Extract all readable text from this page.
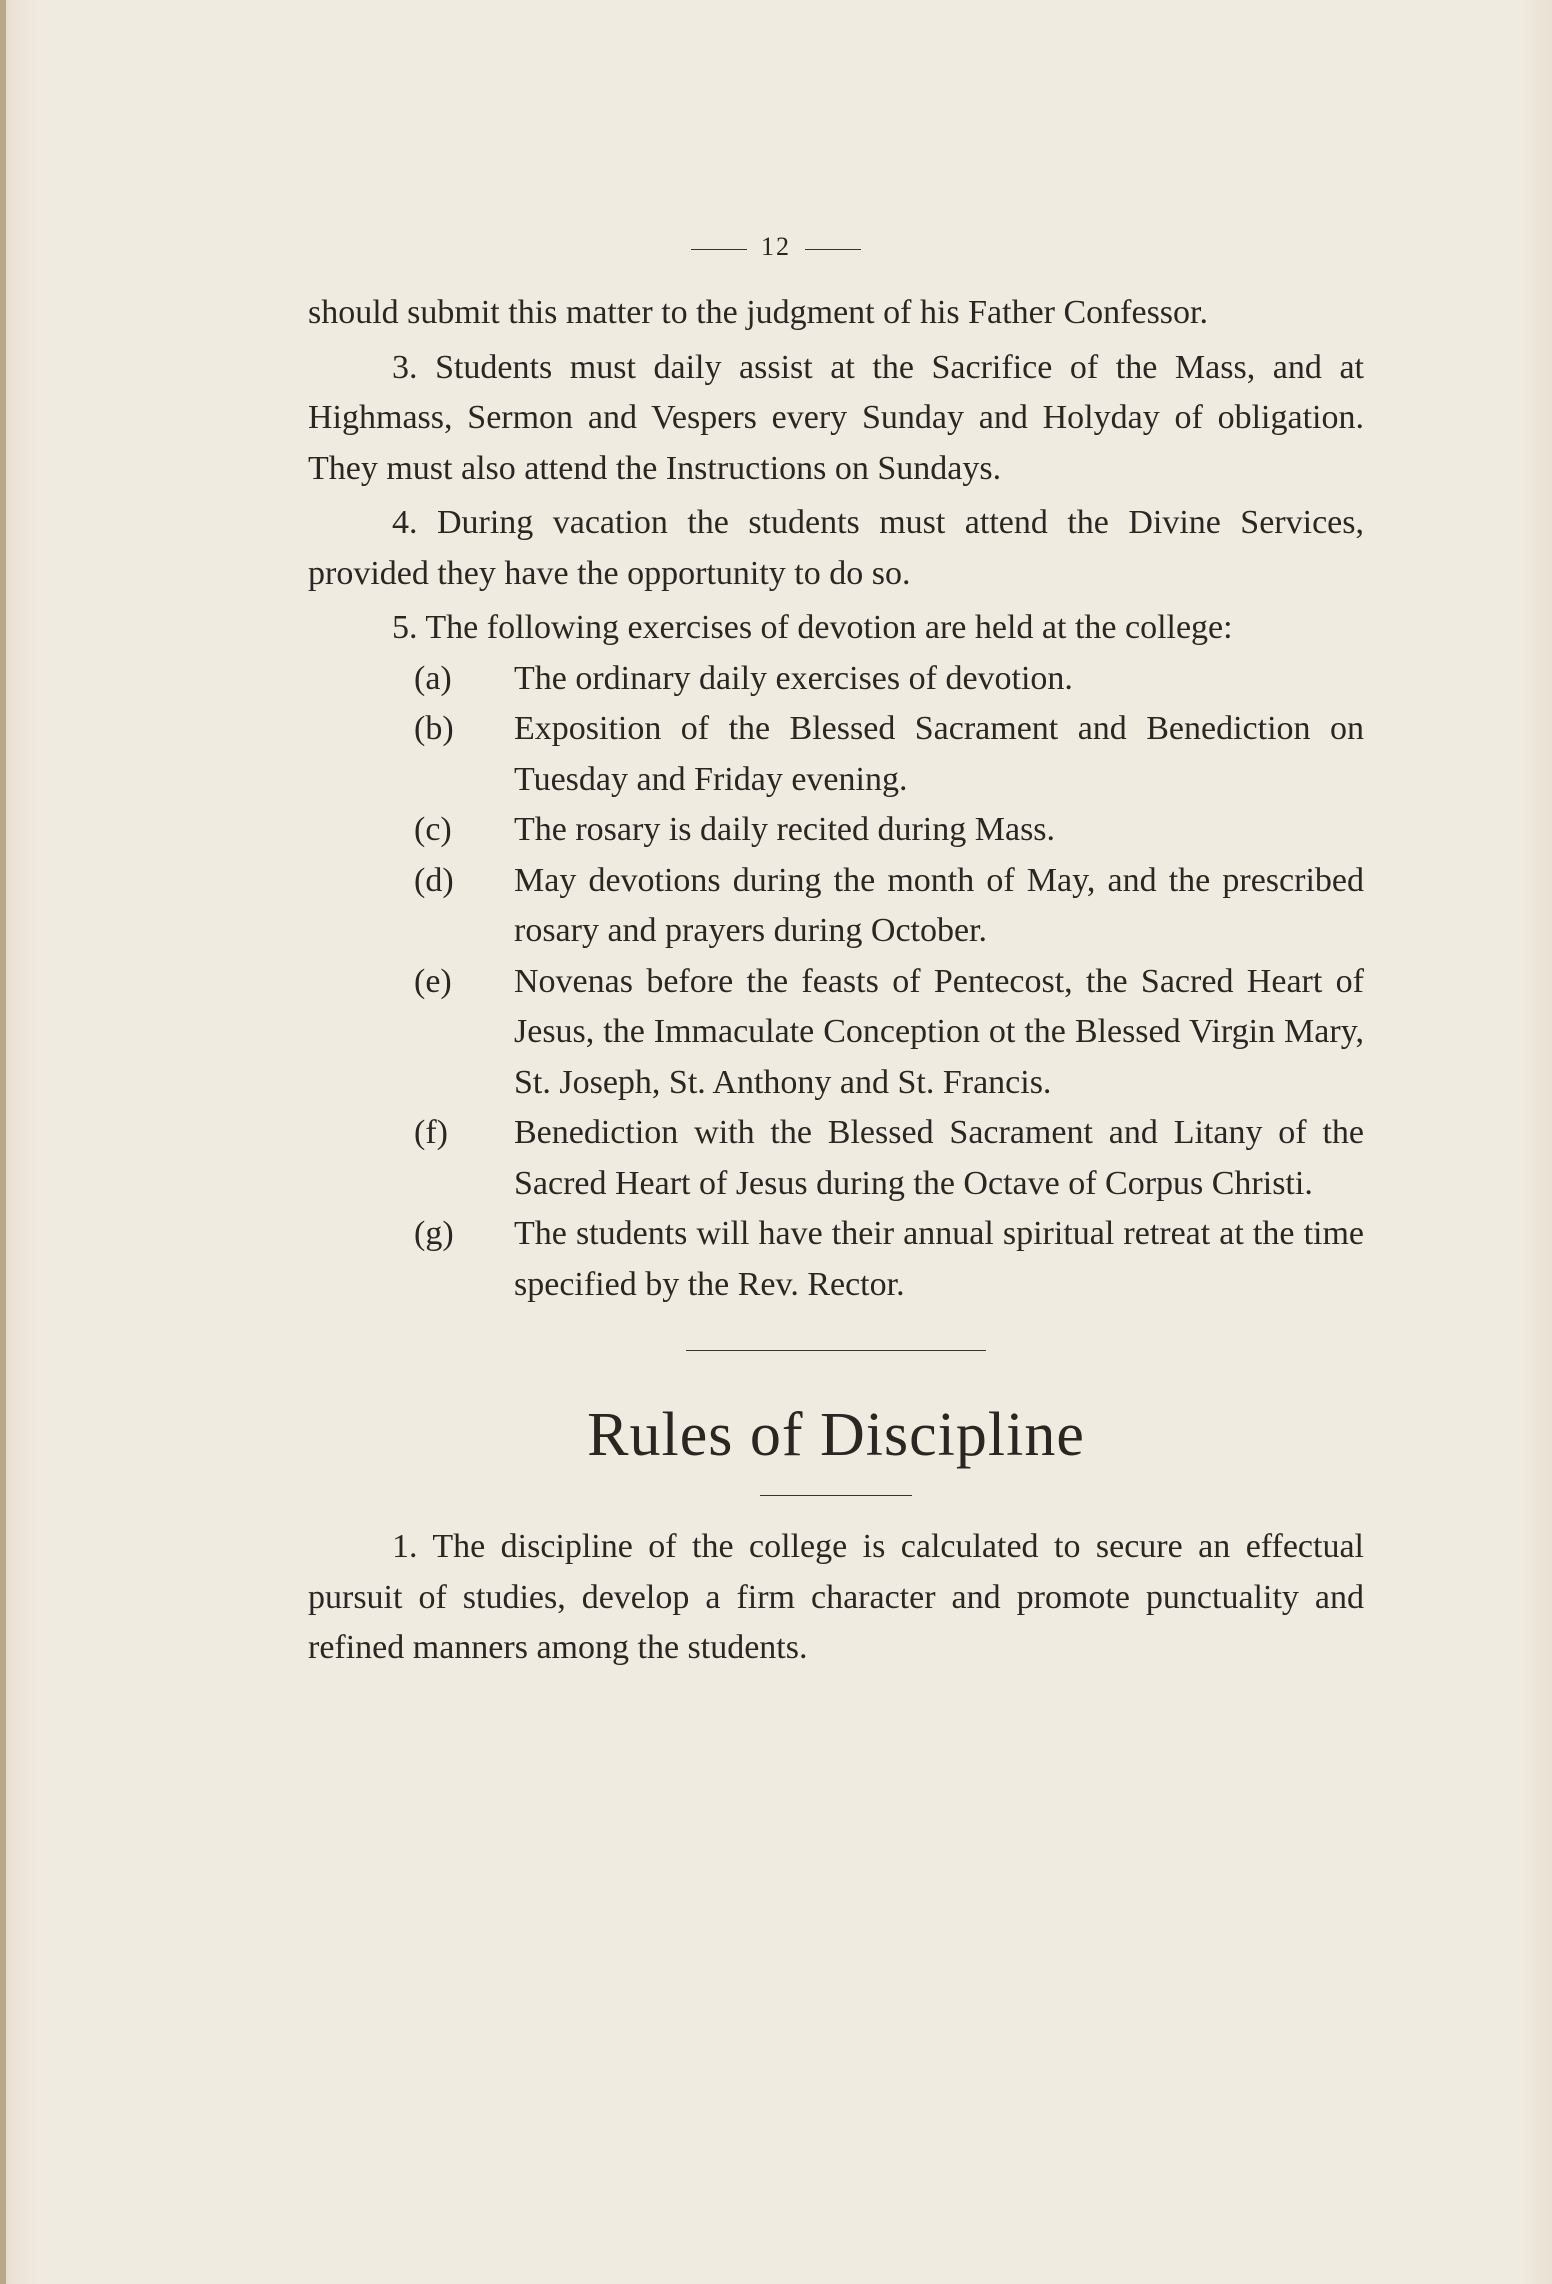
12

should submit this matter to the judgment of his Father Confessor.

3. Students must daily assist at the Sacrifice of the Mass, and at Highmass, Sermon and Vespers every Sunday and Holyday of obligation. They must also attend the Instructions on Sundays.

4. During vacation the students must attend the Divine Services, provided they have the opportunity to do so.

5. The following exercises of devotion are held at the college:

(a)	The ordinary daily exercises of devotion.
(b)	Exposition of the Blessed Sacrament and Benediction on Tuesday and Friday evening.
(c)	The rosary is daily recited during Mass.
(d)	May devotions during the month of May, and the prescribed rosary and prayers during October.
(e)	Novenas before the feasts of Pentecost, the Sacred Heart of Jesus, the Immaculate Conception ot the Blessed Virgin Mary, St. Joseph, St. Anthony and St. Francis.
(f)	Benediction with the Blessed Sacrament and Litany of the Sacred Heart of Jesus during the Octave of Corpus Christi.
(g)	The students will have their annual spiritual retreat at the time specified by the Rev. Rector.
Rules of Discipline

1. The discipline of the college is calculated to secure an effectual pursuit of studies, develop a firm character and promote punctuality and refined manners among the students.
